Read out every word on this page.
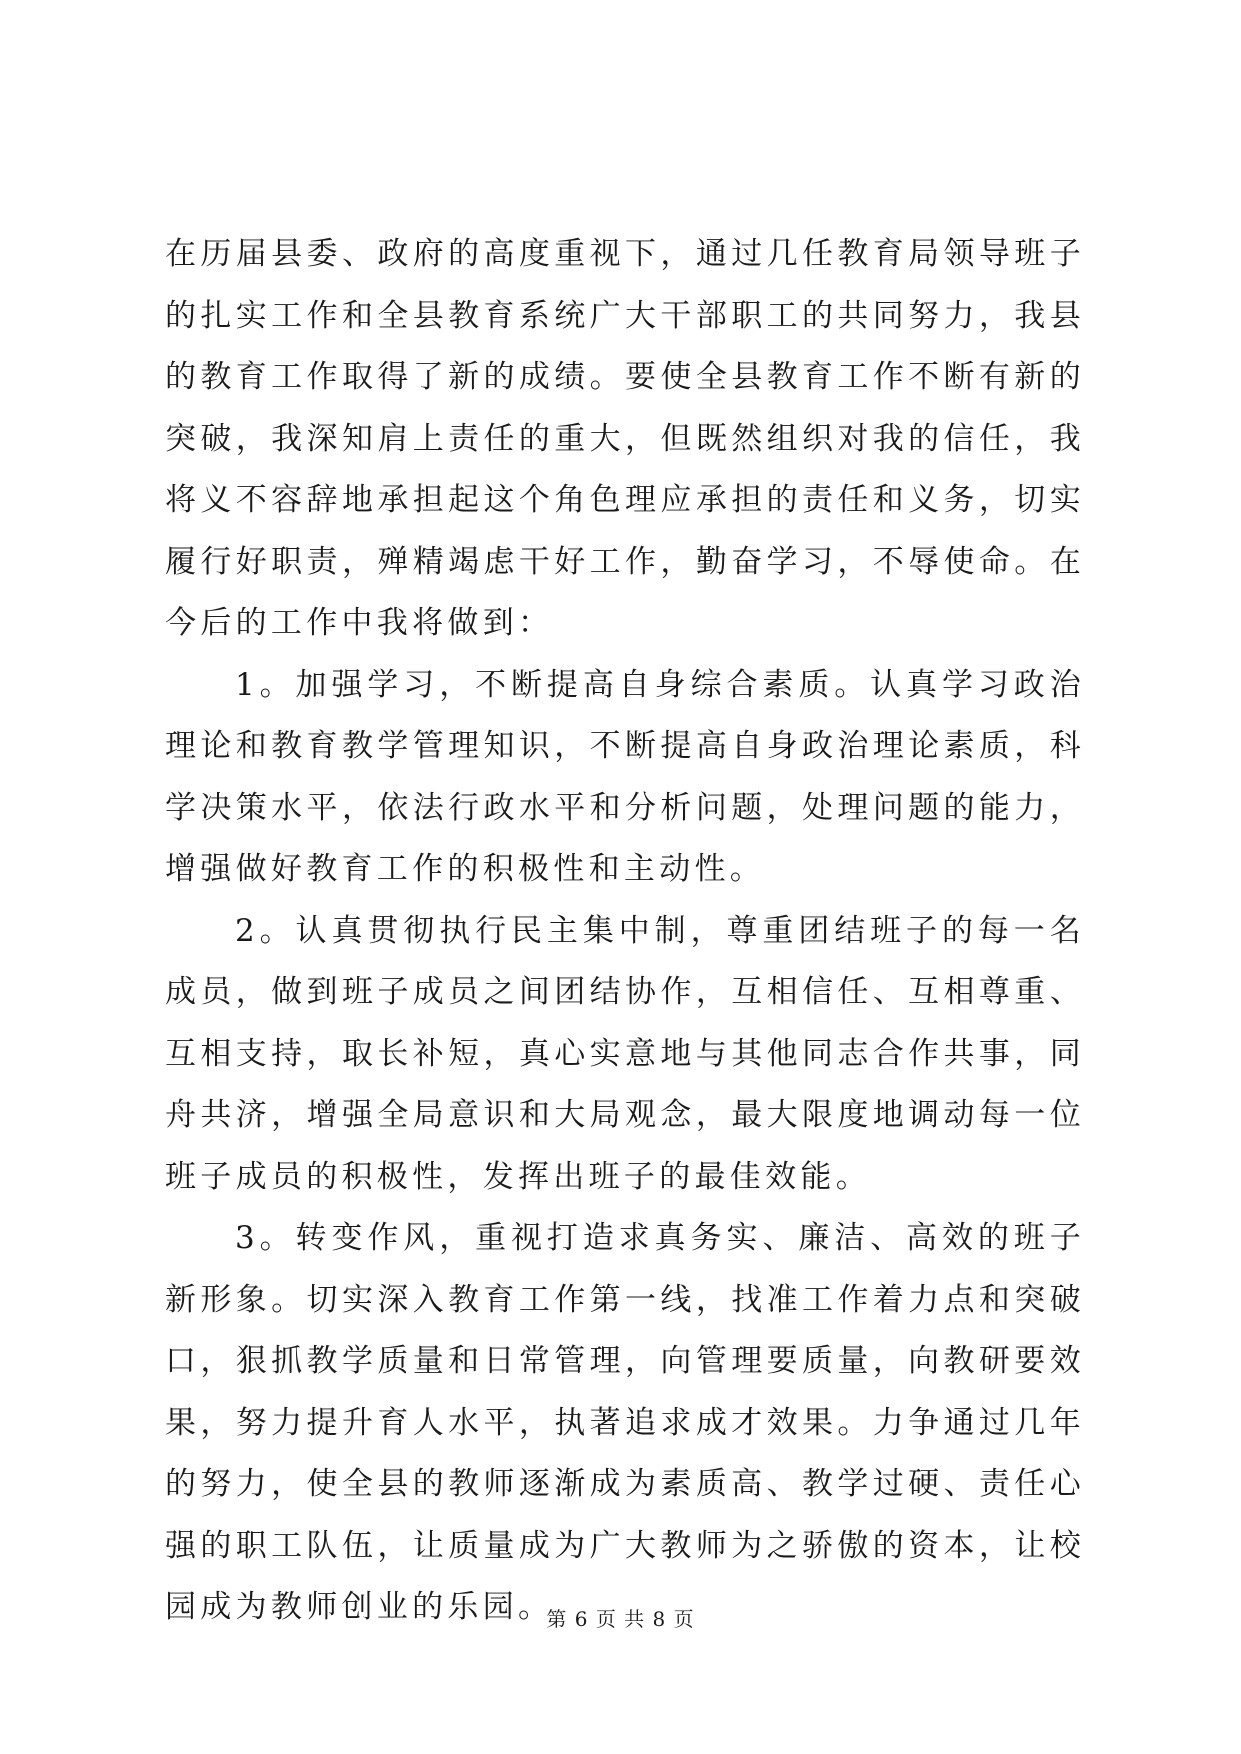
在历届县委、政府的高度重视下，通过几任教育局领导班子的扎实工作和全县教育系统广大干部职工的共同努力，我县的教育工作取得了新的成绩。要使全县教育工作不断有新的突破，我深知肩上责任的重大，但既然组织对我的信任，我将义不容辞地承担起这个角色理应承担的责任和义务，切实履行好职责，殚精竭虑干好工作，勤奋学习，不辱使命。在今后的工作中我将做到：

1。加强学习，不断提高自身综合素质。认真学习政治理论和教育教学管理知识，不断提高自身政治理论素质，科学决策水平，依法行政水平和分析问题，处理问题的能力，增强做好教育工作的积极性和主动性。

2。认真贯彻执行民主集中制，尊重团结班子的每一名成员，做到班子成员之间团结协作，互相信任、互相尊重、互相支持，取长补短，真心实意地与其他同志合作共事，同舟共济，增强全局意识和大局观念，最大限度地调动每一位班子成员的积极性，发挥出班子的最佳效能。

3。转变作风，重视打造求真务实、廉洁、高效的班子新形象。切实深入教育工作第一线，找准工作着力点和突破口，狠抓教学质量和日常管理，向管理要质量，向教研要效果，努力提升育人水平，执著追求成才效果。力争通过几年的努力，使全县的教师逐渐成为素质高、教学过硬、责任心强的职工队伍，让质量成为广大教师为之骄傲的资本，让校园成为教师创业的乐园。

第 6 页 共 8 页
